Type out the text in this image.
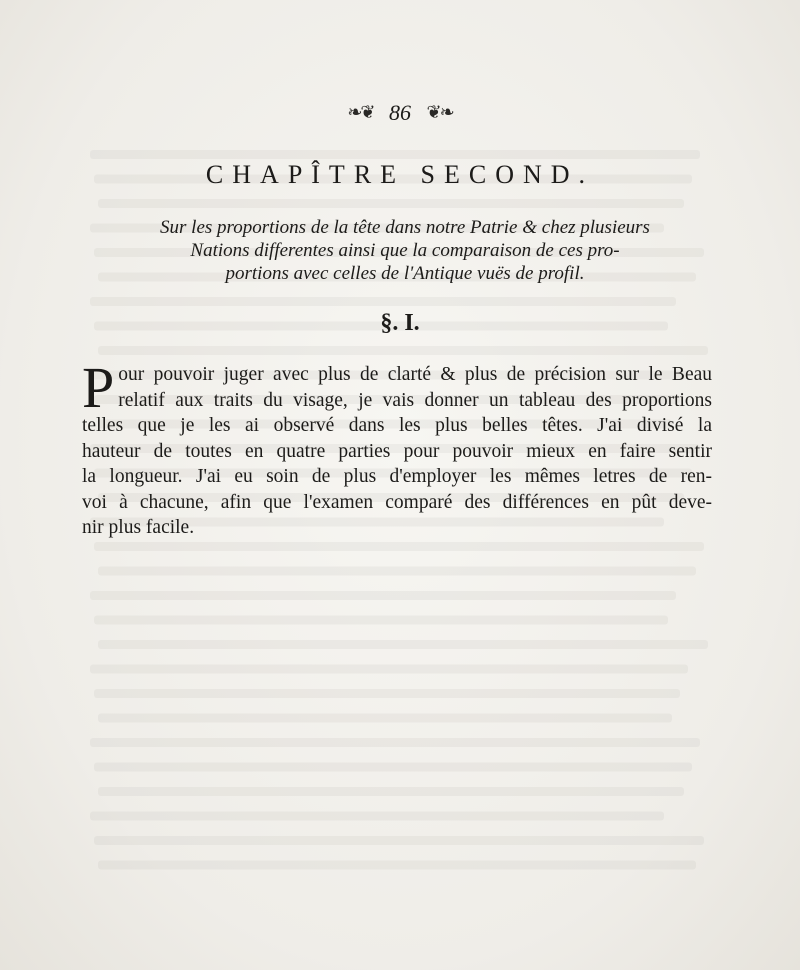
❧❦ 86 ❦❧
CHAPÎTRE SECOND.
Sur les proportions de la tête dans notre Patrie & chez plusieurs
Nations differentes ainsi que la comparaison de ces pro-
portions avec celles de l'Antique vuës de profil.
§. I.
P our pouvoir juger avec plus de clarté & plus de précision sur le Beau
relatif aux traits du visage, je vais donner un tableau des proportions
telles que je les ai observé dans les plus belles têtes. J'ai divisé la
hauteur de toutes en quatre parties pour pouvoir mieux en faire sentir
la longueur. J'ai eu soin de plus d'employer les mêmes letres de ren-
voi à chacune, afin que l'examen comparé des différences en pût deve-
nir plus facile.
